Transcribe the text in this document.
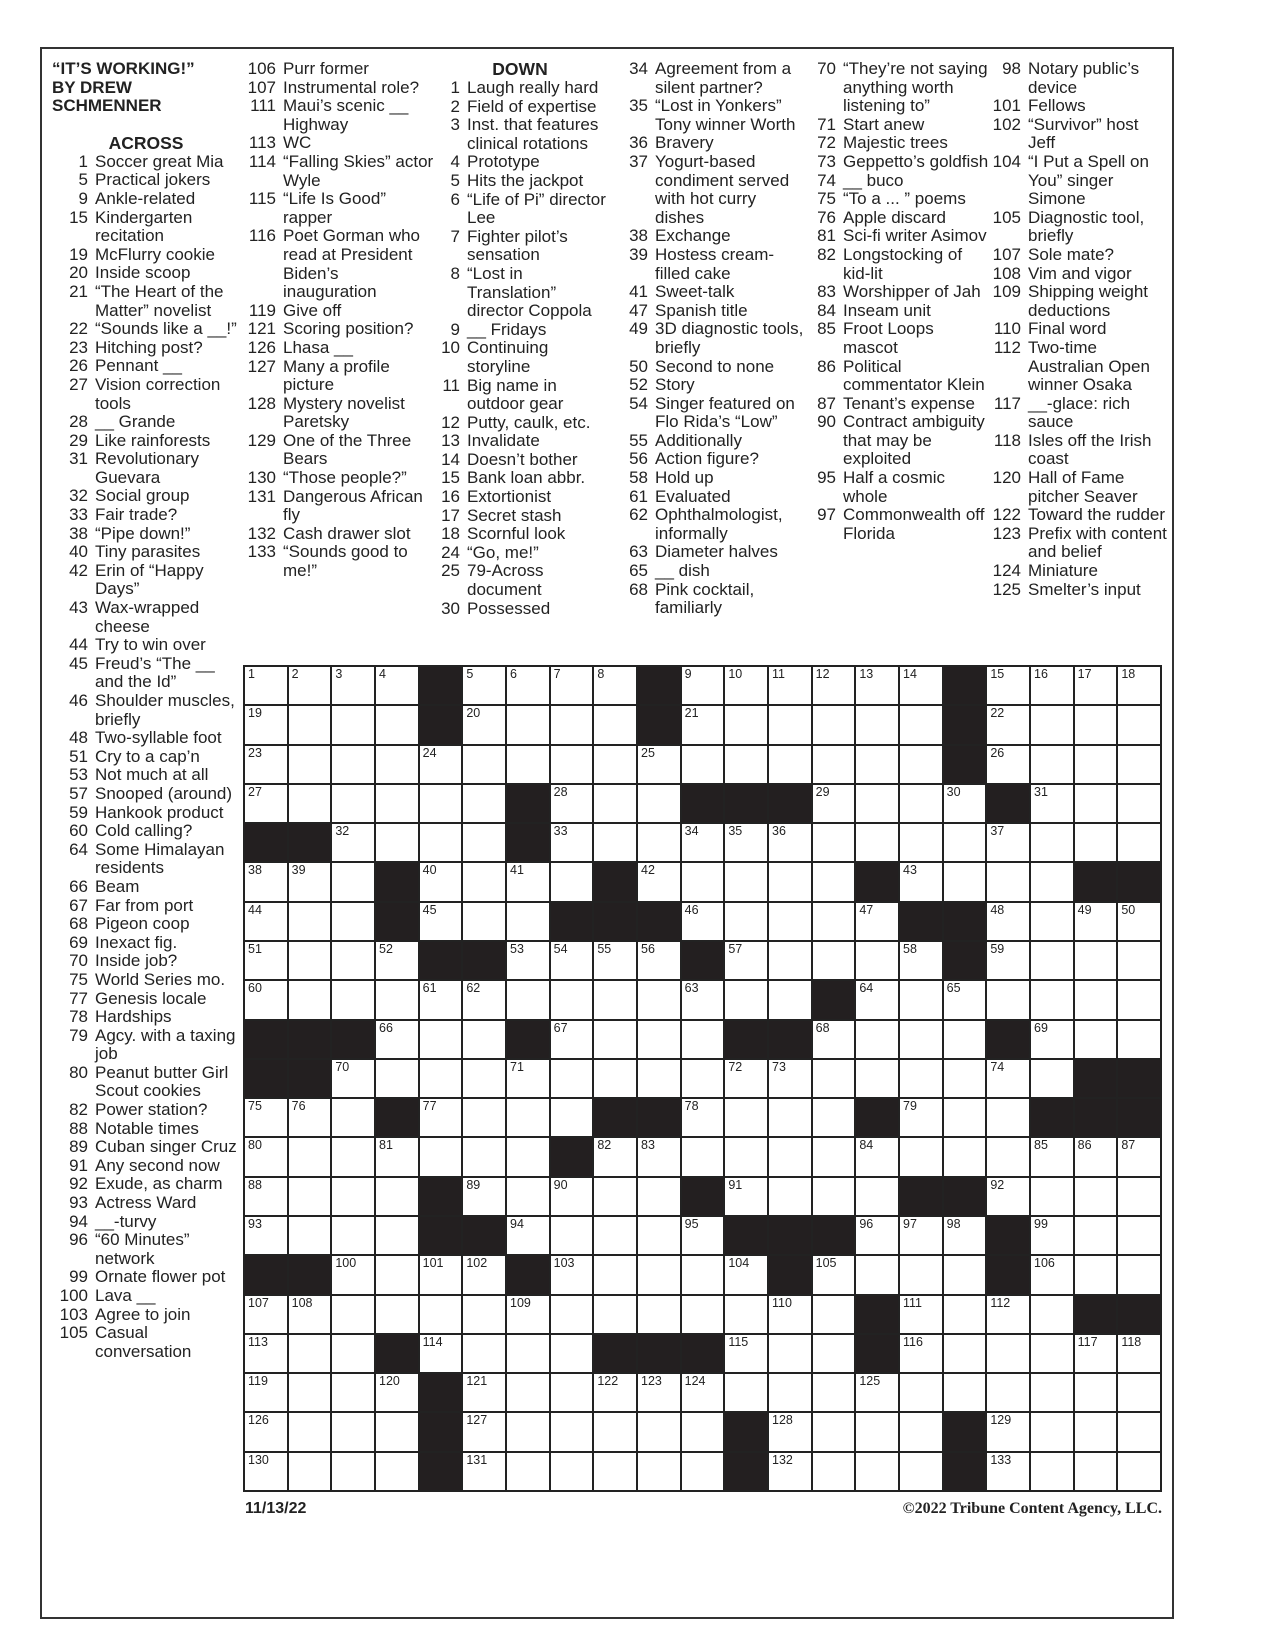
“IT’S WORKING!”
BY DREW
SCHMENNER
ACROSS
1 Soccer great Mia
5 Practical jokers
9 Ankle-related
15 Kindergarten recitation
19 McFlurry cookie
20 Inside scoop
21 “The Heart of the Matter” novelist
22 “Sounds like a __!”
23 Hitching post?
26 Pennant __
27 Vision correction tools
28 __ Grande
29 Like rainforests
31 Revolutionary Guevara
32 Social group
33 Fair trade?
38 “Pipe down!”
40 Tiny parasites
42 Erin of “Happy Days”
43 Wax-wrapped cheese
44 Try to win over
45 Freud’s “The __ and the Id”
46 Shoulder muscles, briefly
48 Two-syllable foot
51 Cry to a cap’n
53 Not much at all
57 Snooped (around)
59 Hankook product
60 Cold calling?
64 Some Himalayan residents
66 Beam
67 Far from port
68 Pigeon coop
69 Inexact fig.
70 Inside job?
75 World Series mo.
77 Genesis locale
78 Hardships
79 Agcy. with a taxing job
80 Peanut butter Girl Scout cookies
82 Power station?
88 Notable times
89 Cuban singer Cruz
91 Any second now
92 Exude, as charm
93 Actress Ward
94 __-turvy
96 “60 Minutes” network
99 Ornate flower pot
100 Lava __
103 Agree to join
105 Casual conversation
106 Purr former
107 Instrumental role?
111 Maui’s scenic __ Highway
113 WC
114 “Falling Skies” actor Wyle
115 “Life Is Good” rapper
116 Poet Gorman who read at President Biden’s inauguration
119 Give off
121 Scoring position?
126 Lhasa __
127 Many a profile picture
128 Mystery novelist Paretsky
129 One of the Three Bears
130 “Those people?”
131 Dangerous African fly
132 Cash drawer slot
133 “Sounds good to me!”
DOWN
1 Laugh really hard
2 Field of expertise
3 Inst. that features clinical rotations
4 Prototype
5 Hits the jackpot
6 “Life of Pi” director Lee
7 Fighter pilot’s sensation
8 “Lost in Translation” director Coppola
9 __ Fridays
10 Continuing storyline
11 Big name in outdoor gear
12 Putty, caulk, etc.
13 Invalidate
14 Doesn’t bother
15 Bank loan abbr.
16 Extortionist
17 Secret stash
18 Scornful look
24 “Go, me!”
25 79-Across document
30 Possessed
34 Agreement from a silent partner?
35 “Lost in Yonkers” Tony winner Worth
36 Bravery
37 Yogurt-based condiment served with hot curry dishes
38 Exchange
39 Hostess cream-filled cake
41 Sweet-talk
47 Spanish title
49 3D diagnostic tools, briefly
50 Second to none
52 Story
54 Singer featured on Flo Rida’s “Low”
55 Additionally
56 Action figure?
58 Hold up
61 Evaluated
62 Ophthalmologist, informally
63 Diameter halves
65 __ dish
68 Pink cocktail, familiarly
70 “They’re not saying anything worth listening to”
71 Start anew
72 Majestic trees
73 Geppetto’s goldfish
74 __ buco
75 “To a ... ” poems
76 Apple discard
81 Sci-fi writer Asimov
82 Longstocking of kid-lit
83 Worshipper of Jah
84 Inseam unit
85 Froot Loops mascot
86 Political commentator Klein
87 Tenant’s expense
90 Contract ambiguity that may be exploited
95 Half a cosmic whole
97 Commonwealth off Florida
98 Notary public’s device
101 Fellows
102 “Survivor” host Jeff
104 “I Put a Spell on You” singer Simone
105 Diagnostic tool, briefly
107 Sole mate?
108 Vim and vigor
109 Shipping weight deductions
110 Final word
112 Two-time Australian Open winner Osaka
117 __-glace: rich sauce
118 Isles off the Irish coast
120 Hall of Fame pitcher Seaver
122 Toward the rudder
123 Prefix with content and belief
124 Miniature
125 Smelter’s input
1	2	3	4	5	6	7	8	9	10 11 12 13 14	15 16 17 18
19	20	21	22
23	24	25	26
27	28	29	30	31
32	33	34 35 36	37
38 39	40	41	42	43
44	45	46	47	48	49 50
51	52	53 54 55 56	57	58	59
60	61 62	63	64	65
66	67	68	69
70	71	72 73	74
75 76	77	78	79
80	81	82 83	84	85 86 87
88	89	90	91	92
93	94	95	96 97 98	99
100	101 102	103	104	105	106
107 108	109	110	111	112
113	114	115	116	117 118
119	120	121	122 123 124	125
126	127	128	129
130	131	132	133
11/13/22	©2022 Tribune Content Agency, LLC.
